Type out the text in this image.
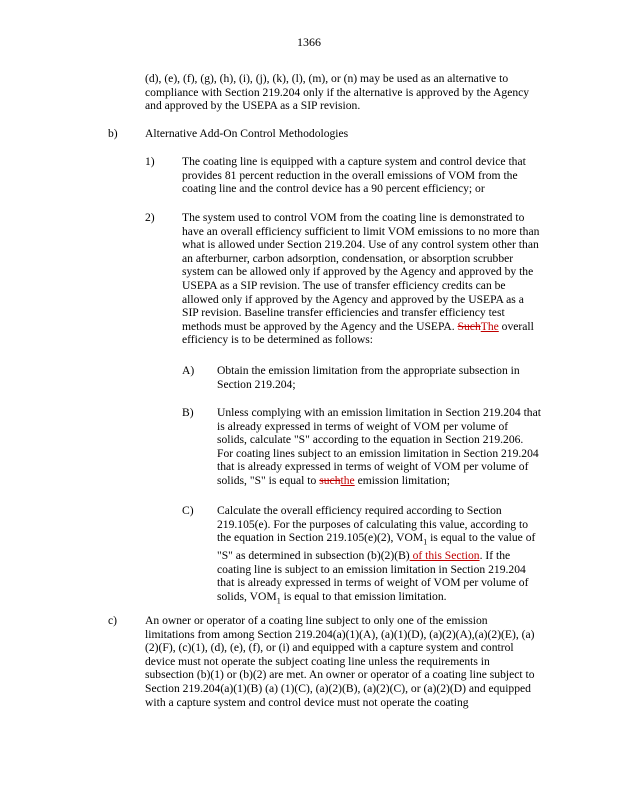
1366

(d), (e), (f), (g), (h), (i), (j), (k), (l), (m), or (n) may be used as an alternative to compliance with Section 219.204 only if the alternative is approved by the Agency and approved by the USEPA as a SIP revision.

b) Alternative Add-On Control Methodologies

1) The coating line is equipped with a capture system and control device that provides 81 percent reduction in the overall emissions of VOM from the coating line and the control device has a 90 percent efficiency; or

2) The system used to control VOM from the coating line is demonstrated to have an overall efficiency sufficient to limit VOM emissions to no more than what is allowed under Section 219.204. Use of any control system other than an afterburner, carbon adsorption, condensation, or absorption scrubber system can be allowed only if approved by the Agency and approved by the USEPA as a SIP revision. The use of transfer efficiency credits can be allowed only if approved by the Agency and approved by the USEPA as a SIP revision. Baseline transfer efficiencies and transfer efficiency test methods must be approved by the Agency and the USEPA. SuchThe overall efficiency is to be determined as follows:

A) Obtain the emission limitation from the appropriate subsection in Section 219.204;

B) Unless complying with an emission limitation in Section 219.204 that is already expressed in terms of weight of VOM per volume of solids, calculate "S" according to the equation in Section 219.206. For coating lines subject to an emission limitation in Section 219.204 that is already expressed in terms of weight of VOM per volume of solids, "S" is equal to suchthe emission limitation;

C) Calculate the overall efficiency required according to Section 219.105(e). For the purposes of calculating this value, according to the equation in Section 219.105(e)(2), $VOM_1$ is equal to the value of "S" as determined in subsection (b)(2)(B) of this Section. If the coating line is subject to an emission limitation in Section 219.204 that is already expressed in terms of weight of VOM per volume of solids, $VOM_1$ is equal to that emission limitation.

c) An owner or operator of a coating line subject to only one of the emission limitations from among Section 219.204(a)(1)(A), (a)(1)(D), (a)(2)(A),(a)(2)(E), (a)(2)(F), (c)(1), (d), (e), (f), or (i) and equipped with a capture system and control device must not operate the subject coating line unless the requirements in subsection (b)(1) or (b)(2) are met. An owner or operator of a coating line subject to Section 219.204(a)(1)(B) (a) (1)(C), (a)(2)(B), (a)(2)(C), or (a)(2)(D) and equipped with a capture system and control device must not operate the coating
